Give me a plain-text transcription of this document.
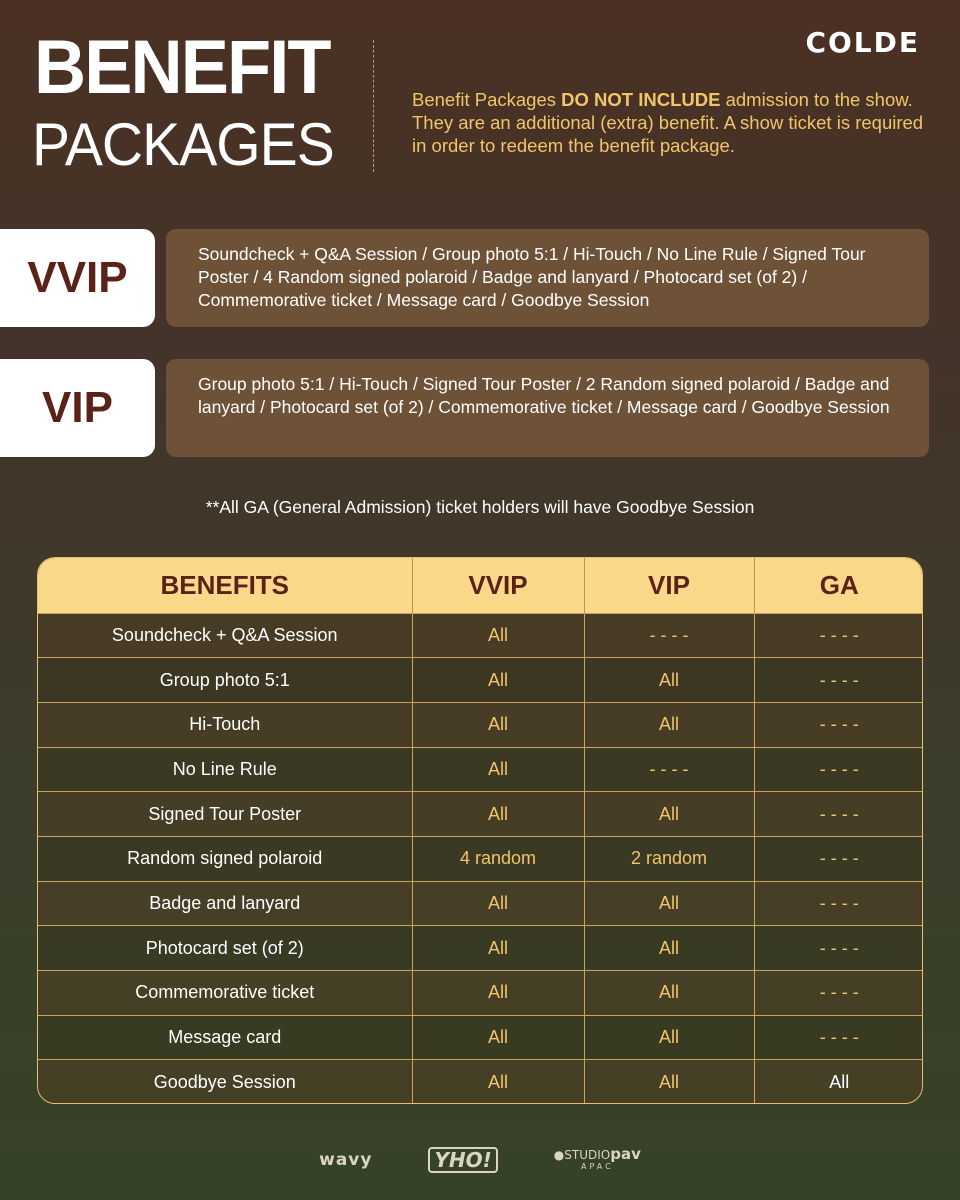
BENEFIT
PACKAGES
COLDE
Benefit Packages DO NOT INCLUDE admission to the show. They are an additional (extra) benefit. A show ticket is required in order to redeem the benefit package.
VVIP	Soundcheck + Q&A Session / Group photo 5:1 / Hi-Touch / No Line Rule / Signed Tour Poster / 4 Random signed polaroid / Badge and lanyard / Photocard set (of 2) / Commemorative ticket / Message card / Goodbye Session
VIP	Group photo 5:1 / Hi-Touch / Signed Tour Poster / 2 Random signed polaroid / Badge and lanyard / Photocard set (of 2) / Commemorative ticket / Message card / Goodbye Session
**All GA (General Admission) ticket holders will have Goodbye Session
BENEFITS	VVIP	VIP	GA
Soundcheck + Q&A Session	All	- - - -	- - - -
Group photo 5:1	All	All	- - - -
Hi-Touch	All	All	- - - -
No Line Rule	All	- - - -	- - - -
Signed Tour Poster	All	All	- - - -
Random signed polaroid	4 random	2 random	- - - -
Badge and lanyard	All	All	- - - -
Photocard set (of 2)	All	All	- - - -
Commemorative ticket	All	All	- - - -
Message card	All	All	- - - -
Goodbye Session	All	All	All
wavy	YHO!	●STUDIOpav
APAC
